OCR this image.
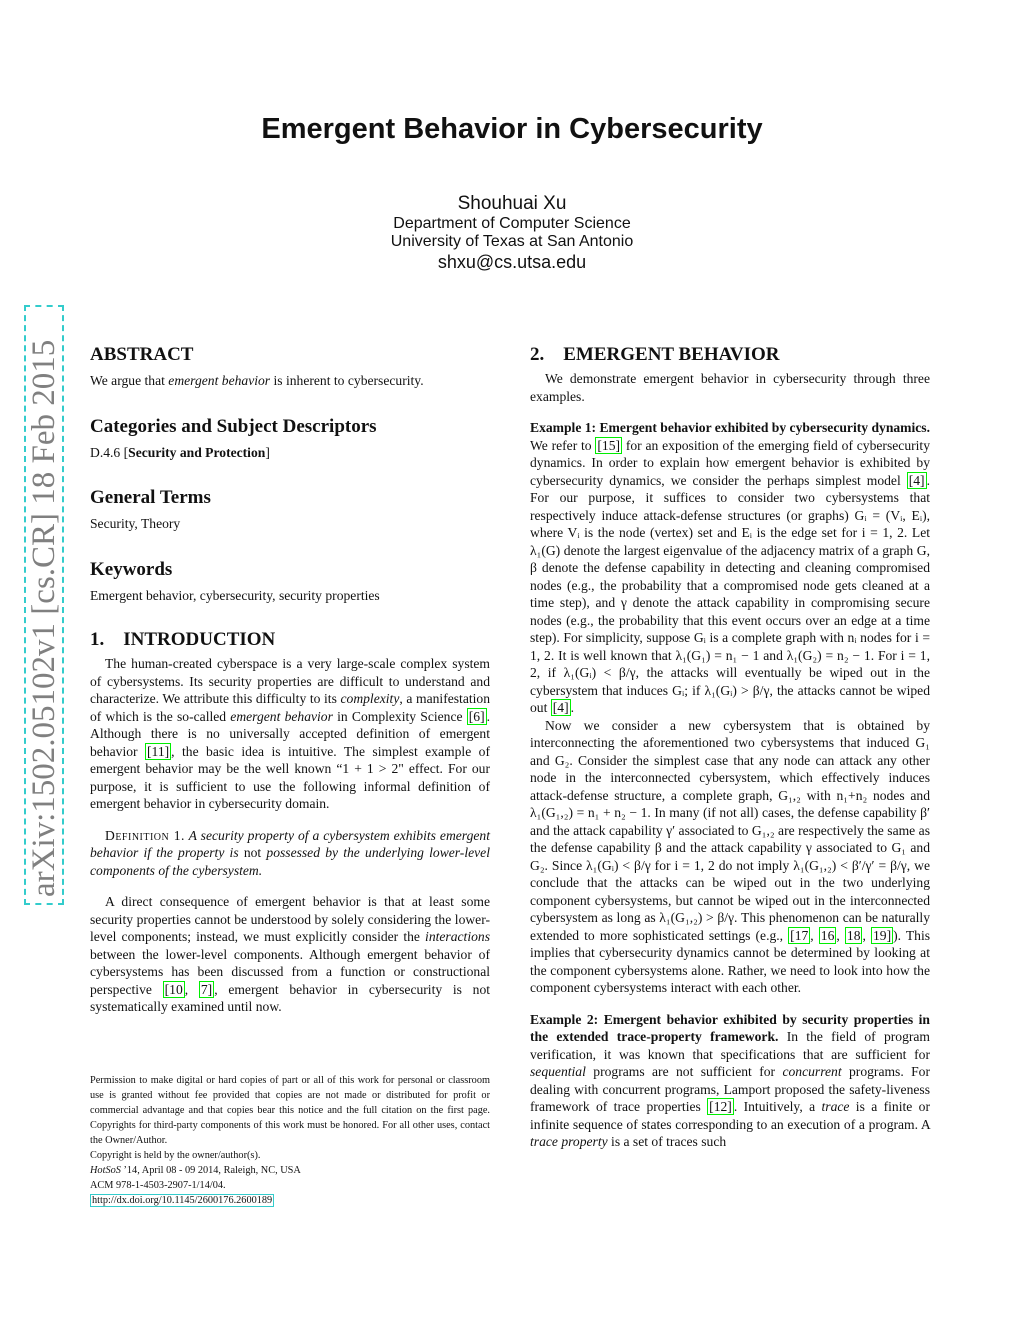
Emergent Behavior in Cybersecurity
Shouhuai Xu
Department of Computer Science
University of Texas at San Antonio
shxu@cs.utsa.edu
arXiv:1502.05102v1 [cs.CR] 18 Feb 2015 ABSTRACT

We argue that emergent behavior is inherent to cybersecurity.

Categories and Subject Descriptors

D.4.6 [Security and Protection]

General Terms

Security, Theory

Keywords

Emergent behavior, cybersecurity, security properties

1.    INTRODUCTION

The human-created cyberspace is a very large-scale complex system of cybersystems. Its security properties are difficult to understand and characterize. We attribute this difficulty to its complexity, a manifestation of which is the so-called emergent behavior in Complexity Science [6] . Although there is no universally accepted definition of emergent behavior [11] , the basic idea is intuitive. The simplest example of emergent behavior may be the well known “1 + 1 > 2" effect. For our purpose, it is sufficient to use the following informal definition of emergent behavior in cybersecurity domain.

Definition 1. A security property of a cybersystem exhibits emergent behavior if the property is not possessed by the underlying lower-level components of the cybersystem.

A direct consequence of emergent behavior is that at least some security properties cannot be understood by solely considering the lower-level components; instead, we must explicitly consider the interactions between the lower-level components. Although emergent behavior of cybersystems has been discussed from a function or constructional perspective [10 , 7] , emergent behavior in cybersecurity is not systematically examined until now.

Permission to make digital or hard copies of part or all of this work for personal or classroom use is granted without fee provided that copies are not made or distributed for profit or commercial advantage and that copies bear this notice and the full citation on the first page. Copyrights for third-party components of this work must be honored. For all other uses, contact the Owner/Author.
Copyright is held by the owner/author(s).
HotSoS ’14, April 08 - 09 2014, Raleigh, NC, USA
ACM 978-1-4503-2907-1/14/04.
http://dx.doi.org/10.1145/2600176.2600189
2.    EMERGENT BEHAVIOR

We demonstrate emergent behavior in cybersecurity through three examples.

Example 1: Emergent behavior exhibited by cybersecurity dynamics. We refer to [15] for an exposition of the emerging field of cybersecurity dynamics. In order to explain how emergent behavior is exhibited by cybersecurity dynamics, we consider the perhaps simplest model [4] . For our purpose, it suffices to consider two cybersystems that respectively induce attack-defense structures (or graphs) Gᵢ = (Vᵢ, Eᵢ), where Vᵢ is the node (vertex) set and Eᵢ is the edge set for i = 1, 2. Let λ₁(G) denote the largest eigenvalue of the adjacency matrix of a graph G, β denote the defense capability in detecting and cleaning compromised nodes (e.g., the probability that a compromised node gets cleaned at a time step), and γ denote the attack capability in compromising secure nodes (e.g., the probability that this event occurs over an edge at a time step). For simplicity, suppose Gᵢ is a complete graph with nᵢ nodes for i = 1, 2. It is well known that λ₁(G₁) = n₁ − 1 and λ₁(G₂) = n₂ − 1. For i = 1, 2, if λ₁(Gᵢ) < β/γ, the attacks will eventually be wiped out in the cybersystem that induces Gᵢ; if λ₁(Gᵢ) > β/γ, the attacks cannot be wiped out [4] .

Now we consider a new cybersystem that is obtained by interconnecting the aforementioned two cybersystems that induced G₁ and G₂. Consider the simplest case that any node can attack any other node in the interconnected cybersystem, which effectively induces attack-defense structure, a complete graph, G₁,₂ with n₁+n₂ nodes and λ₁(G₁,₂) = n₁ + n₂ − 1. In many (if not all) cases, the defense capability β′ and the attack capability γ′ associated to G₁,₂ are respectively the same as the defense capability β and the attack capability γ associated to G₁ and G₂. Since λ₁(Gᵢ) < β/γ for i = 1, 2 do not imply λ₁(G₁,₂) < β′/γ′ = β/γ, we conclude that the attacks can be wiped out in the two underlying component cybersystems, but cannot be wiped out in the interconnected cybersystem as long as λ₁(G₁,₂) > β/γ. This phenomenon can be naturally extended to more sophisticated settings (e.g., [17 , 16 , 18 , 19] ). This implies that cybersecurity dynamics cannot be determined by looking at the component cybersystems alone. Rather, we need to look into how the component cybersystems interact with each other.

Example 2: Emergent behavior exhibited by security properties in the extended trace-property framework. In the field of program verification, it was known that specifications that are sufficient for sequential programs are not sufficient for concurrent programs. For dealing with concurrent programs, Lamport proposed the safety-liveness framework of trace properties [12] . Intuitively, a trace is a finite or infinite sequence of states corresponding to an execution of a program. A trace property is a set of traces such
